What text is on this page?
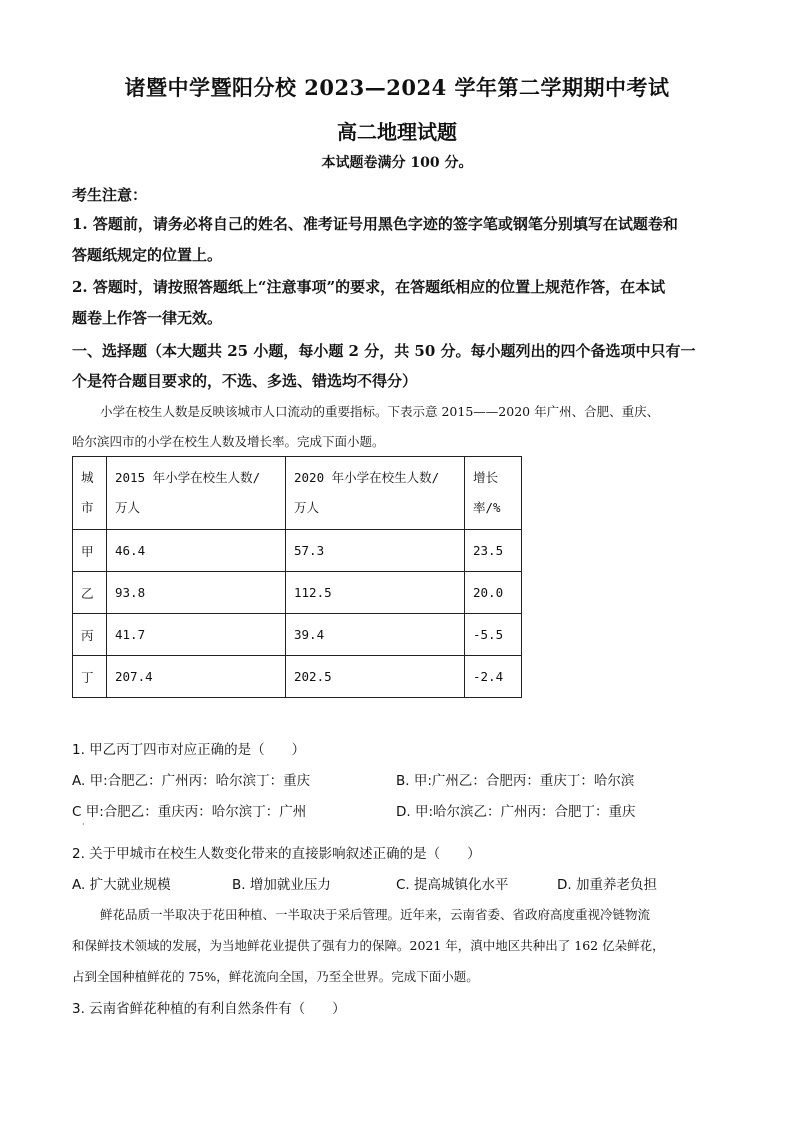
诸暨中学暨阳分校 2023—2024 学年第二学期期中考试
高二地理试题
本试题卷满分 100 分。
考生注意：
1. 答题前，请务必将自己的姓名、准考证号用黑色字迹的签字笔或钢笔分别填写在试题卷和
答题纸规定的位置上。
2. 答题时，请按照答题纸上“注意事项”的要求，在答题纸相应的位置上规范作答，在本试
题卷上作答一律无效。
一、选择题（本大题共 25 小题，每小题 2 分，共 50 分。每小题列出的四个备选项中只有一
个是符合题目要求的，不选、多选、错选均不得分）
小学在校生人数是反映该城市人口流动的重要指标。下表示意 2015——2020 年广州、合肥、重庆、
哈尔滨四市的小学在校生人数及增长率。完成下面小题。
城
市	2015 年小学在校生人数/
万人	2020 年小学在校生人数/
万人	增长
率/%
甲	46.4	57.3	23.5
乙	93.8	112.5	20.0
丙	41.7	39.4	-5.5
丁	207.4	202.5	-2.4
1. 甲乙丙丁四市对应正确的是（　　）
A. 甲:合肥乙：广州丙：哈尔滨丁：重庆	B. 甲:广州乙：合肥丙：重庆丁：哈尔滨
C 甲:合肥乙：重庆丙：哈尔滨丁：广州	D. 甲:哈尔滨乙：广州丙：合肥丁：重庆
·
2. 关于甲城市在校生人数变化带来的直接影响叙述正确的是（　　）
A. 扩大就业规模	B. 增加就业压力	C. 提高城镇化水平	D. 加重养老负担
鲜花品质一半取决于花田种植、一半取决于采后管理。近年来，云南省委、省政府高度重视冷链物流
和保鲜技术领域的发展，为当地鲜花业提供了强有力的保障。2021 年，滇中地区共种出了 162 亿朵鲜花，
占到全国种植鲜花的 75%，鲜花流向全国，乃至全世界。完成下面小题。
3. 云南省鲜花种植的有利自然条件有（　　）
